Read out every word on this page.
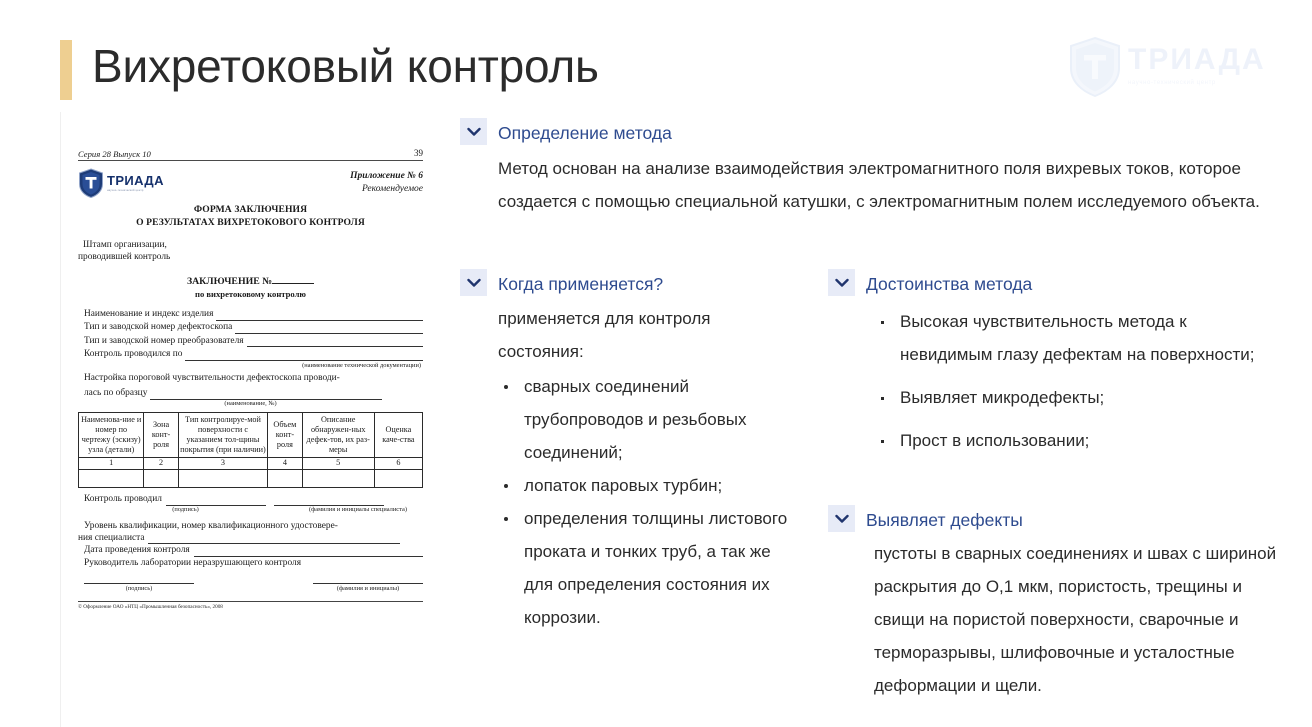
Вихретоковый контроль	ТРИАДА
научно-технический центр
Серия 28 Выпуск 10	39
ТРИАДА
научно-технический центр
Приложение № 6
Рекомендуемое
ФОРМА ЗАКЛЮЧЕНИЯ
О РЕЗУЛЬТАТАХ ВИХРЕТОКОВОГО КОНТРОЛЯ
Штамп организации,
проводившей контроль
ЗАКЛЮЧЕНИЕ №
по вихретоковому контролю
Наименование и индекс изделия
Тип и заводской номер дефектоскопа
Тип и заводской номер преобразователя
Контроль проводился по
(наименование технической документации)
Настройка пороговой чувствительности дефектоскопа проводи-
лась по образцу
(наименование, №)
Наименова-ние и номер по чертежу (эскизу) узла (детали)	Зона конт-роля	Тип контролируе-мой поверхности с указанием тол-щины покрытия (при наличии)	Объем конт-роля	Описание обнаружен-ных дефек-тов, их раз-меры	Оценка каче-ства
1	2	3	4	5	6

Контроль проводил
(подпись)	(фамилия и инициалы специалиста)
Уровень квалификации, номер квалификационного удостовере-
ния специалиста
Дата проведения контроля
Руководитель лаборатории неразрушающего контроля
(подпись)	(фамилия и инициалы)
© Оформление ОАО «НТЦ «Промышленная безопасность», 2008
Определение метода
Метод основан на анализе взаимодействия электромагнитного поля вихревых токов, которое создается с помощью специальной катушки, с электромагнитным полем исследуемого объекта.
Когда применяется?
применяется для контроля состояния:
сварных соединений трубопроводов и резьбовых соединений;
лопаток паровых турбин;
определения толщины листового проката и тонких труб, а так же для определения состояния их коррозии.
Достоинства метода
Высокая чувствительность метода к невидимым глазу дефектам на поверхности;
Выявляет микродефекты;
Прост в использовании;
Выявляет дефекты
пустоты в сварных соединениях и швах с шириной раскрытия до О,1 мкм, пористость, трещины и свищи на пористой поверхности, сварочные и терморазрывы, шлифовочные и усталостные деформации и щели.
